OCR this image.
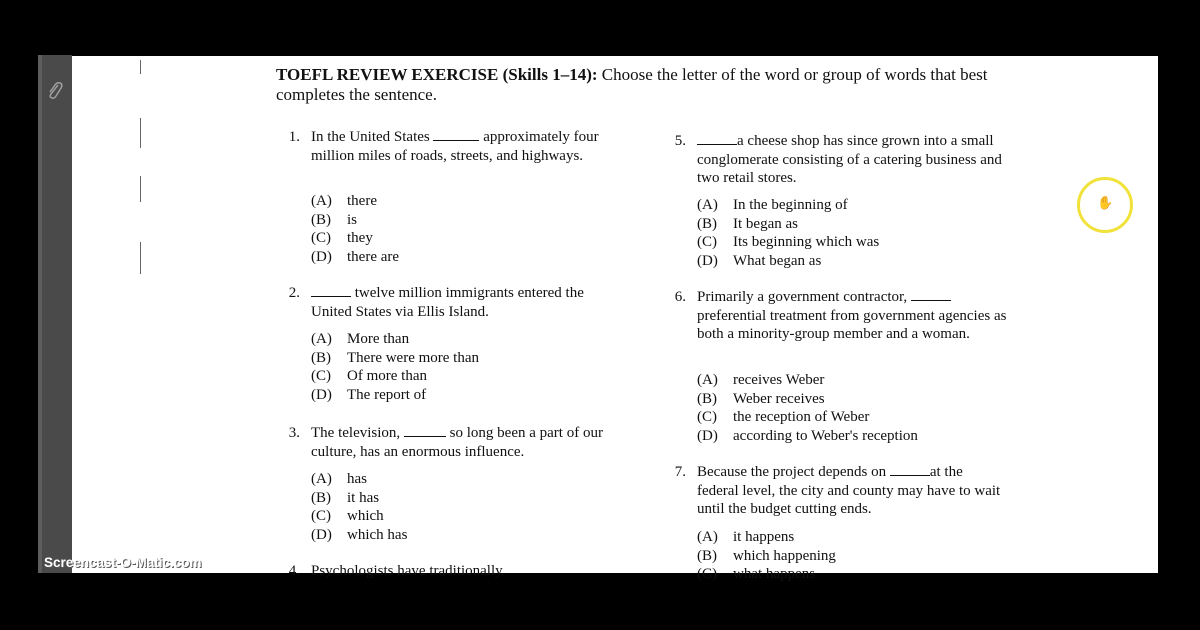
TOEFL REVIEW EXERCISE (Skills 1–14): Choose the letter of the word or group of words that best completes the sentence.
1. In the United States	approximately four million miles of roads, streets, and highways.
(A) there
(B) is
(C) they
(D) there are
2.	twelve million immigrants entered the United States via Ellis Island.
(A) More than
(B) There were more than
(C) Of more than
(D) The report of
3. The television,	so long been a part of our culture, has an enormous influence.
(A) has
(B) it has
(C) which
(D) which has
4. Psychologists have traditionally
5.	a cheese shop has since grown into a small conglomerate consisting of a catering business and two retail stores.
(A) In the beginning of
(B) It began as
(C) Its beginning which was
(D) What began as
6. Primarily a government contractor,  preferential treatment from government agencies as both a minority-group member and a woman.
(A) receives Weber
(B) Weber receives
(C) the reception of Weber
(D) according to Weber's reception
7. Because the project depends on	at the federal level, the city and county may have to wait until the budget cutting ends.
(A) it happens
(B) which happening
(C) what happens
✋
Screencast-O-Matic.com
